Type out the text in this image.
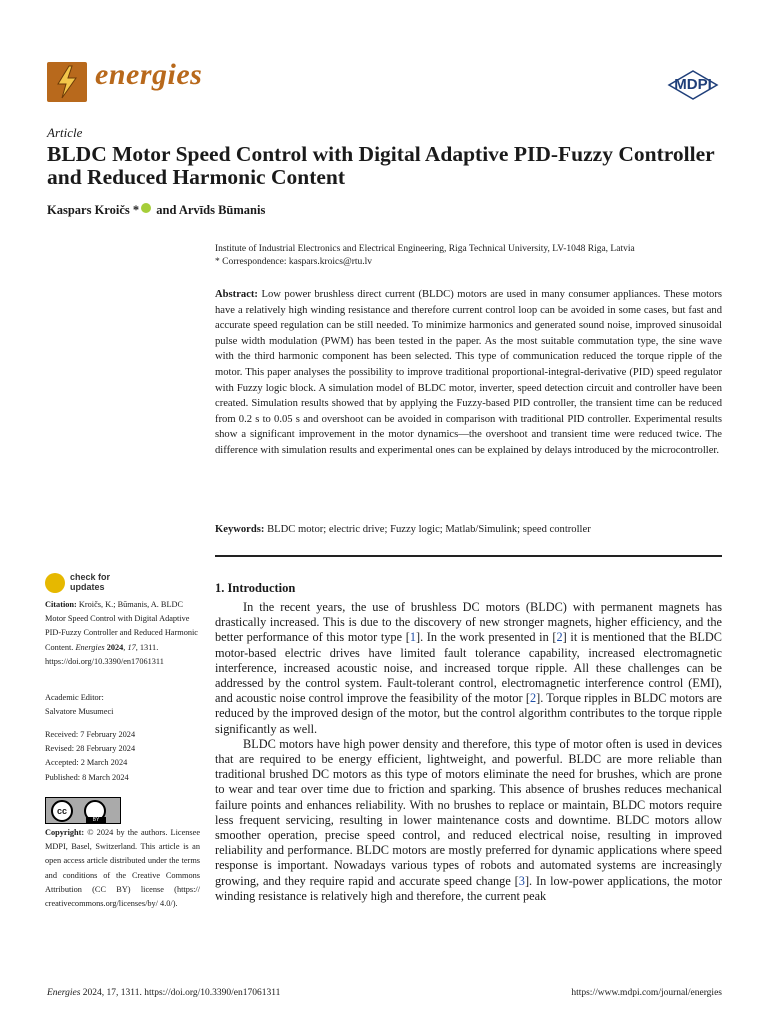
energies	MDPI
Article
BLDC Motor Speed Control with Digital Adaptive PID-Fuzzy Controller and Reduced Harmonic Content
Kaspars Kroičs * and Arvīds Būmanis
Institute of Industrial Electronics and Electrical Engineering, Riga Technical University, LV-1048 Riga, Latvia
* Correspondence: kaspars.kroics@rtu.lv
Abstract: Low power brushless direct current (BLDC) motors are used in many consumer appliances. These motors have a relatively high winding resistance and therefore current control loop can be avoided in some cases, but fast and accurate speed regulation can be still needed. To minimize harmonics and generated sound noise, improved sinusoidal pulse width modulation (PWM) has been tested in the paper. As the most suitable commutation type, the sine wave with the third harmonic component has been selected. This type of communication reduced the torque ripple of the motor. This paper analyses the possibility to improve traditional proportional-integral-derivative (PID) speed regulator with Fuzzy logic block. A simulation model of BLDC motor, inverter, speed detection circuit and controller have been created. Simulation results showed that by applying the Fuzzy-based PID controller, the transient time can be reduced from 0.2 s to 0.05 s and overshoot can be avoided in comparison with traditional PID controller. Experimental results show a significant improvement in the motor dynamics—the overshoot and transient time were reduced twice. The difference with simulation results and experimental ones can be explained by delays introduced by the microcontroller.
Keywords: BLDC motor; electric drive; Fuzzy logic; Matlab/Simulink; speed controller
check for
updates
Citation: Kroičs, K.; Būmanis, A. BLDC Motor Speed Control with Digital Adaptive PID-Fuzzy Controller and Reduced Harmonic Content. Energies 2024, 17, 1311. https://doi.org/10.3390/en17061311
Academic Editor:
Salvatore Musumeci
Received: 7 February 2024
Revised: 28 February 2024
Accepted: 2 March 2024
Published: 8 March 2024
cc
BY
Copyright: © 2024 by the authors. Licensee MDPI, Basel, Switzerland. This article is an open access article distributed under the terms and conditions of the Creative Commons Attribution (CC BY) license (https:// creativecommons.org/licenses/by/ 4.0/).
1. Introduction

In the recent years, the use of brushless DC motors (BLDC) with permanent magnets has drastically increased. This is due to the discovery of new stronger magnets, higher efficiency, and the better performance of this motor type [1]. In the work presented in [2] it is mentioned that the BLDC motor-based electric drives have limited fault tolerance capability, increased electromagnetic interference, increased acoustic noise, and increased torque ripple. All these challenges can be addressed by the control system. Fault-tolerant control, electromagnetic interference control (EMI), and acoustic noise control improve the feasibility of the motor [2]. Torque ripples in BLDC motors are reduced by the improved design of the motor, but the control algorithm contributes to the torque ripple significantly as well.

BLDC motors have high power density and therefore, this type of motor often is used in devices that are required to be energy efficient, lightweight, and powerful. BLDC are more reliable than traditional brushed DC motors as this type of motors eliminate the need for brushes, which are prone to wear and tear over time due to friction and sparking. This absence of brushes reduces mechanical failure points and enhances reliability. With no brushes to replace or maintain, BLDC motors require less frequent servicing, resulting in lower maintenance costs and downtime. BLDC motors allow smoother operation, precise speed control, and reduced electrical noise, resulting in improved reliability and performance. BLDC motors are mostly preferred for dynamic applications where speed response is important. Nowadays various types of robots and automated systems are increasingly growing, and they require rapid and accurate speed change [3]. In low-power applications, the motor winding resistance is relatively high and therefore, the current peak

Energies 2024, 17, 1311. https://doi.org/10.3390/en17061311	https://www.mdpi.com/journal/energies
